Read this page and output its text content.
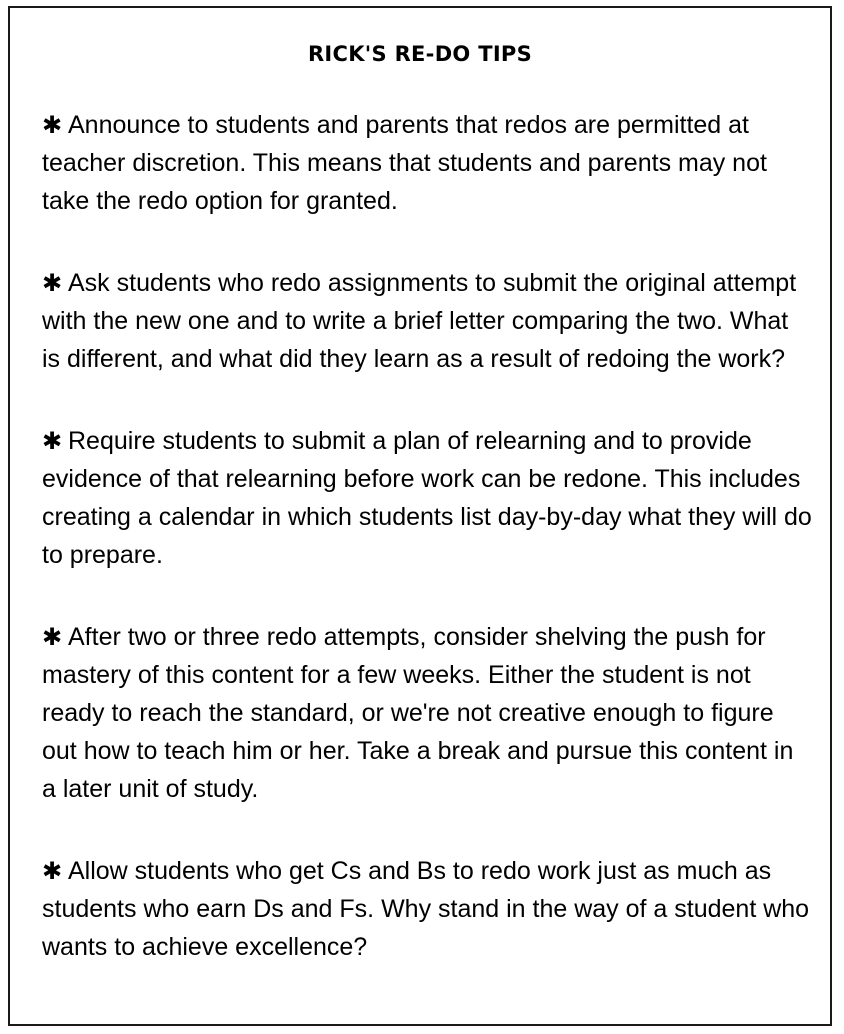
RICK'S RE-DO TIPS
✱ Announce to students and parents that redos are permitted at teacher discretion. This means that students and parents may not take the redo option for granted.
✱ Ask students who redo assignments to submit the original attempt with the new one and to write a brief letter comparing the two. What is different, and what did they learn as a result of redoing the work?
✱ Require students to submit a plan of relearning and to provide evidence of that relearning before work can be redone. This includes creating a calendar in which students list day-by-day what they will do to prepare.
✱ After two or three redo attempts, consider shelving the push for mastery of this content for a few weeks. Either the student is not ready to reach the standard, or we're not creative enough to figure out how to teach him or her. Take a break and pursue this content in a later unit of study.
✱ Allow students who get Cs and Bs to redo work just as much as students who earn Ds and Fs. Why stand in the way of a student who wants to achieve excellence?
